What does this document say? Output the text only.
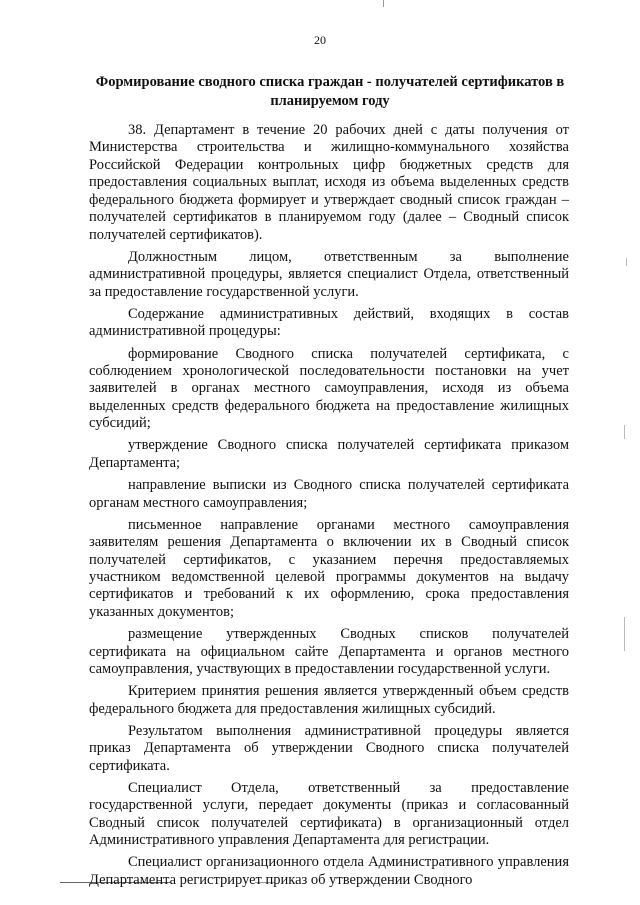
20
Формирование сводного списка граждан - получателей сертификатов в планируемом году

38. Департамент в течение 20 рабочих дней с даты получения от Министерства строительства и жилищно-коммунального хозяйства Российской Федерации контрольных цифр бюджетных средств для предоставления социальных выплат, исходя из объема выделенных средств федерального бюджета формирует и утверждает сводный список граждан – получателей сертификатов в планируемом году (далее – Сводный список получателей сертификатов).

Должностным лицом, ответственным за выполнение административной процедуры, является специалист Отдела, ответственный за предоставление государственной услуги.

Содержание административных действий, входящих в состав административной процедуры:

формирование Сводного списка получателей сертификата, с соблюдением хронологической последовательности постановки на учет заявителей в органах местного самоуправления, исходя из объема выделенных средств федерального бюджета на предоставление жилищных субсидий;

утверждение Сводного списка получателей сертификата приказом Департамента;

направление выписки из Сводного списка получателей сертификата органам местного самоуправления;

письменное направление органами местного самоуправления заявителям решения Департамента о включении их в Сводный список получателей сертификатов, с указанием перечня предоставляемых участником ведомственной целевой программы документов на выдачу сертификатов и требований к их оформлению, срока предоставления указанных документов;

размещение утвержденных Сводных списков получателей сертификата на официальном сайте Департамента и органов местного самоуправления, участвующих в предоставлении государственной услуги.

Критерием принятия решения является утвержденный объем средств федерального бюджета для предоставления жилищных субсидий.

Результатом выполнения административной процедуры является приказ Департамента об утверждении Сводного списка получателей сертификата.

Специалист Отдела, ответственный за предоставление государственной услуги, передает документы (приказ и согласованный Сводный список получателей сертификата) в организационный отдел Административного управления Департамента для регистрации.

Специалист организационного отдела Административного управления Департамента регистрирует приказ об утверждении Сводного
